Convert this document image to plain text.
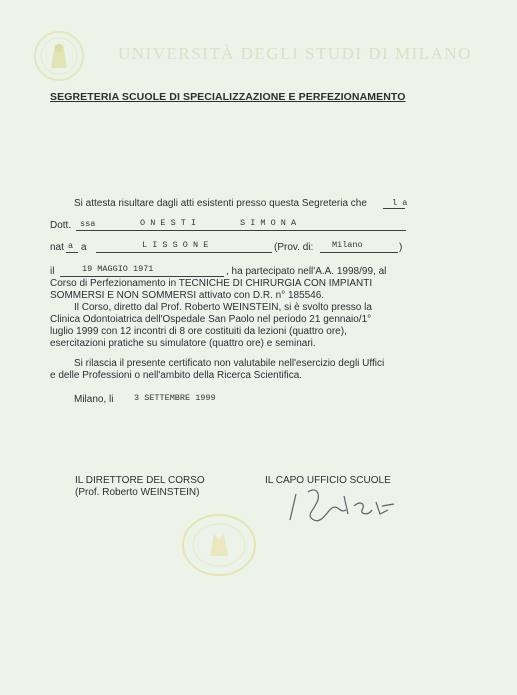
UNIVERSITÀ DEGLI STUDI DI MILANO
SEGRETERIA SCUOLE DI SPECIALIZZAZIONE E PERFEZIONAMENTO
Si attesta risultare dagli atti esistenti presso questa Segreteria che	l a
Dott. ssa	O N E S T I	S I M O N A
nat a a	L I S S O N E	(Prov. di: Milano	)
il	19 MAGGIO 1971	, ha partecipato nell'A.A. 1998/99, al
Corso di Perfezionamento in TECNICHE DI CHIRURGIA CON IMPIANTI
SOMMERSI E NON SOMMERSI attivato con D.R. n° 185546.
Il Corso, diretto dal Prof. Roberto WEINSTEIN, si è svolto presso la
Clinica Odontoiatrica dell'Ospedale San Paolo nel periodo 21 gennaio/1°
luglio 1999 con 12 incontri di 8 ore costituiti da lezioni (quattro ore),
esercitazioni pratiche su simulatore (quattro ore) e seminari.
Si rilascia il presente certificato non valutabile nell'esercizio degli Uffici
e delle Professioni o nell'ambito della Ricerca Scientifica.
Milano, li 3 SETTEMBRE 1999
IL DIRETTORE DEL CORSO
(Prof. Roberto WEINSTEIN)
IL CAPO UFFICIO SCUOLE
